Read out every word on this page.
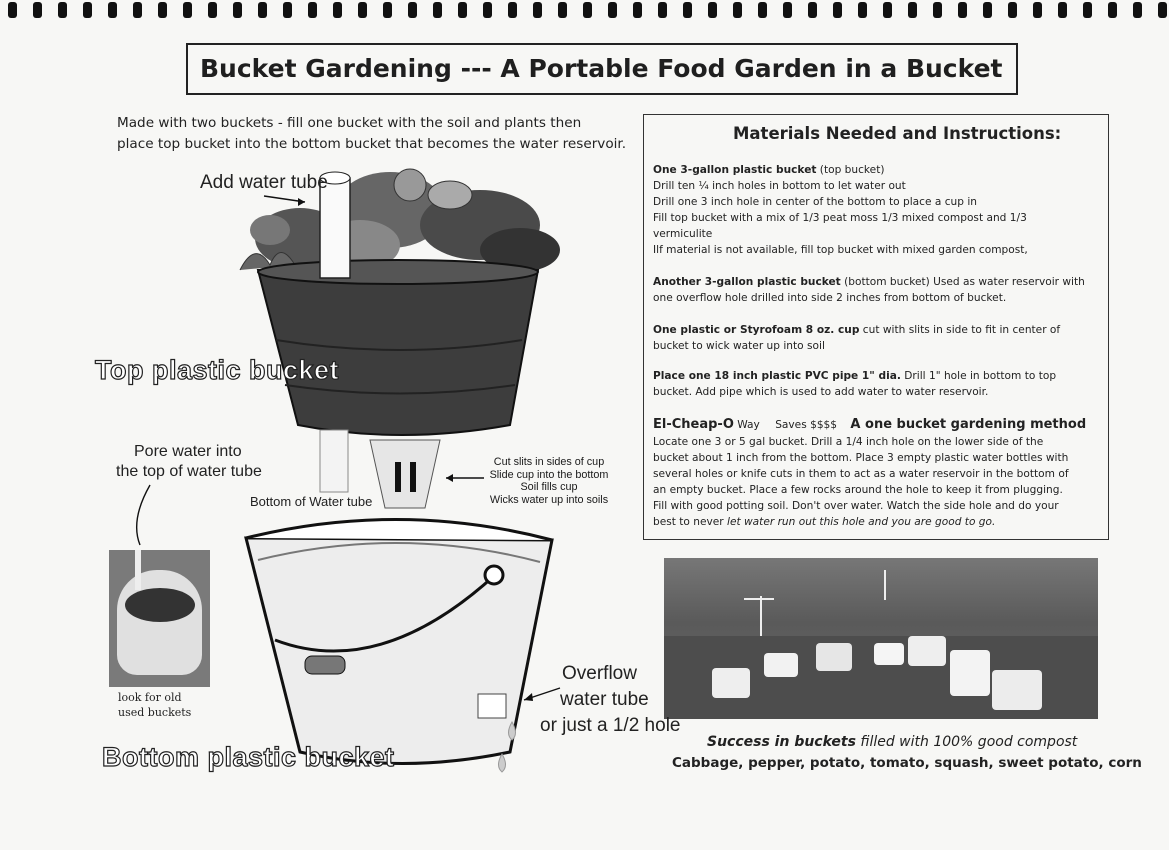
Bucket Gardening --- A Portable Food Garden in a Bucket
Made with two buckets - fill one bucket with the soil and plants then
place top bucket into the bottom bucket that becomes the water reservoir.
Materials Needed and Instructions:
One 3-gallon plastic bucket (top bucket)
Drill ten ¼ inch holes in bottom to let water out
Drill one 3 inch hole in center of the bottom to place a cup in
Fill top bucket with a mix of 1/3 peat moss 1/3 mixed compost and 1/3
vermiculite
Ilf material is not available, fill top bucket with mixed garden compost,
Another 3-gallon plastic bucket (bottom bucket) Used as water reservoir with
one overflow hole drilled into side 2 inches from bottom of bucket.
One plastic or Styrofoam 8 oz. cup cut with slits in side to fit in center of
bucket to wick water up into soil
Place one 18 inch plastic PVC pipe 1" dia. Drill 1" hole in bottom to top
bucket. Add pipe which is used to add water to water reservoir.
El-Cheap-O Way Saves $$$$ A one bucket gardening method
Locate one 3 or 5 gal bucket. Drill a 1/4 inch hole on the lower side of the
bucket about 1 inch from the bottom. Place 3 empty plastic water bottles with
several holes or knife cuts in them to act as a water reservoir in the bottom of
an empty bucket. Place a few rocks around the hole to keep it from plugging.
Fill with good potting soil. Don't over water. Watch the side hole and do your
best to never let water run out this hole and you are good to go.
Add water tube
Top plastic bucket
Pore water into
the top of water tube
Bottom of Water tube
Cut slits in sides of cup
Slide cup into the bottom
Soil fills cup
Wicks water up into soils
look for old
used buckets
Bottom plastic bucket
Overflow
water tube
or just a 1/2 hole
Success in buckets filled with 100% good compost
Cabbage, pepper, potato, tomato, squash, sweet potato, corn
